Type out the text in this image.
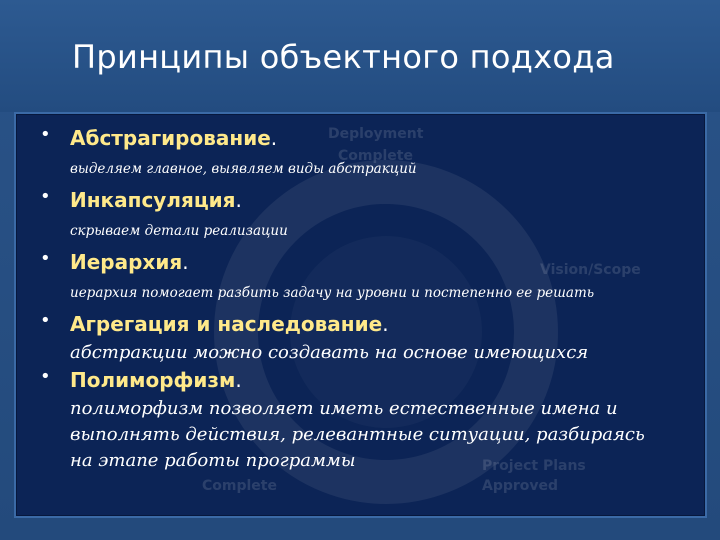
Принципы объектного подхода
Deployment
Complete
Vision/Scope
Project Plans
Approved
Complete
• Абстрагирование.
выделяем главное, выявляем виды абстракций
• Инкапсуляция.
скрываем детали реализации
• Иерархия.
иерархия помогает разбить задачу на уровни и постепенно ее решать
• Агрегация и наследование.
абстракции можно создавать на основе имеющихся
• Полиморфизм.
полиморфизм позволяет иметь естественные имена и выполнять действия, релевантные ситуации, разбираясь на этапе работы программы
